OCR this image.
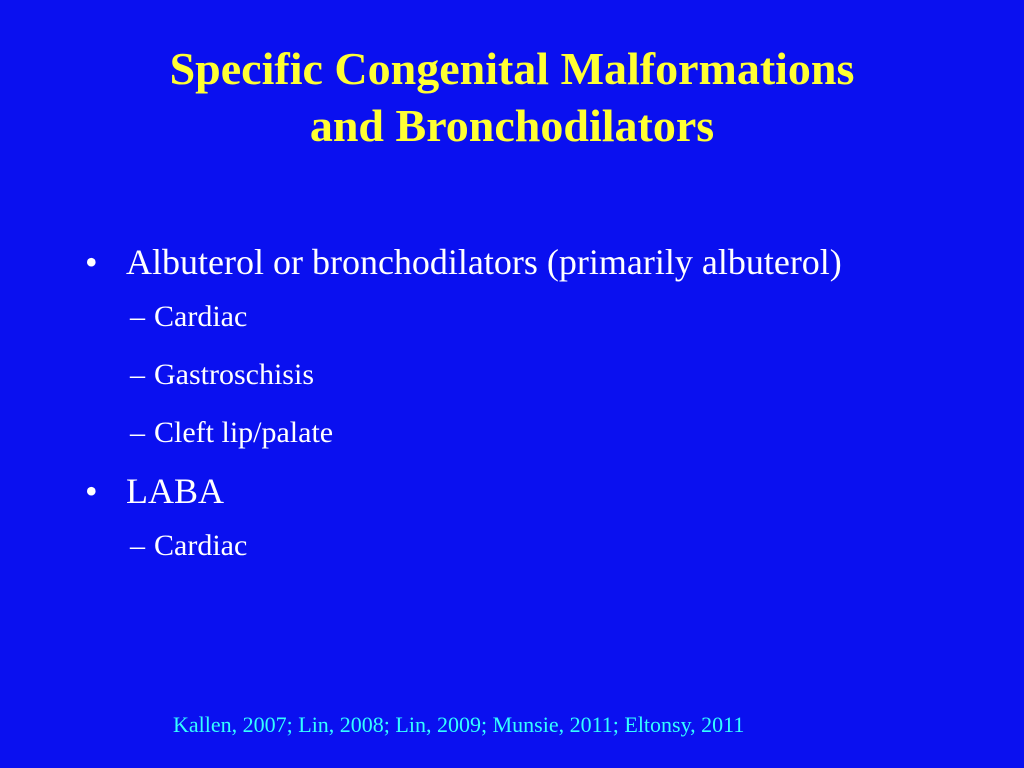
Specific Congenital Malformations
and Bronchodilators
• Albuterol or bronchodilators (primarily albuterol)
– Cardiac
– Gastroschisis
– Cleft lip/palate
• LABA
– Cardiac
Kallen, 2007; Lin, 2008; Lin, 2009; Munsie, 2011; Eltonsy, 2011
